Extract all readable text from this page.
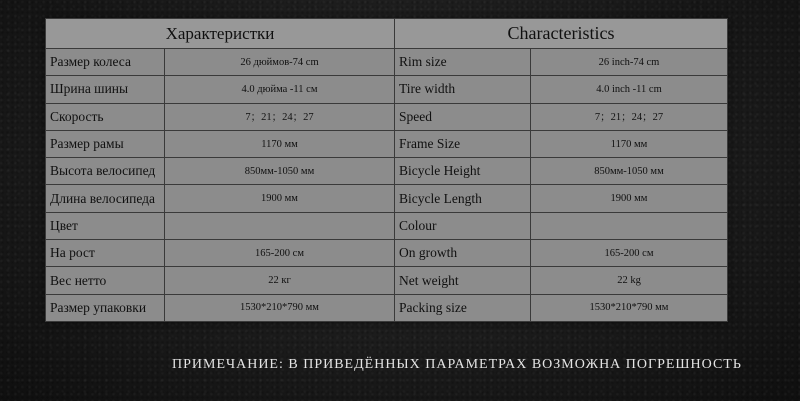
Характеристки		Characteristics	
Размер колеса	26 дюймов-74 cm	Rim size	26 inch-74 cm
Шрина шины	4.0 дюйма -11 см	Tire width	4.0 inch -11 cm
Скорость	7；21；24；27	Speed	7；21；24；27
Размер рамы	1170 мм	Frame Size	1170 мм
Высота велосипед	850мм-1050 мм	Bicycle Height	850мм-1050 мм
Длина велосипеда	1900 мм	Bicycle Length	1900 мм
Цвет		Colour	
На рост	165-200 см	On growth	165-200 см
Вес нетто	22 кг	Net weight	22 kg
Размер упаковки	1530*210*790 мм	Packing size	1530*210*790 мм
ПРИМЕЧАНИЕ: В ПРИВЕДЁННЫХ ПАРАМЕТРАХ ВОЗМОЖНА ПОГРЕШНОСТЬ
